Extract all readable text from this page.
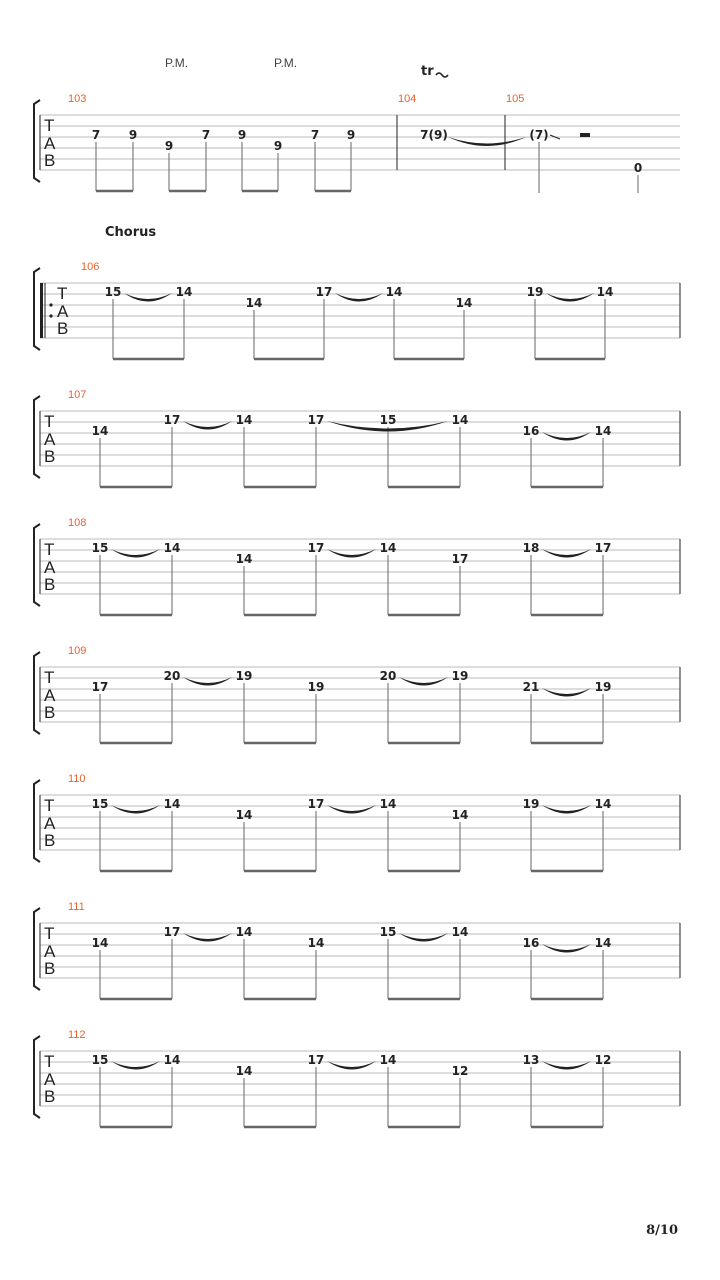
P.M.	P.M.
tr
103	104	105
T
A
B
7 9
9
7 9
9
7 9	7(9)	(7)
0
Chorus
106
T
A
B
15	14
14
17	14
14
19	14
107
T
A
B
14
17	14	17	15	14
16	14
108
T
A
B
15	14
14
17	14
17
18	17
109
T
A
B
17
20	19
19
20	19
21	19
110
T
A
B
15	14
14
17	14
14
19	14
111
T
A
B
14
17	14
14
15	14
16	14
112
T
A
B
15	14
14
17	14
12
13	12
8/10
